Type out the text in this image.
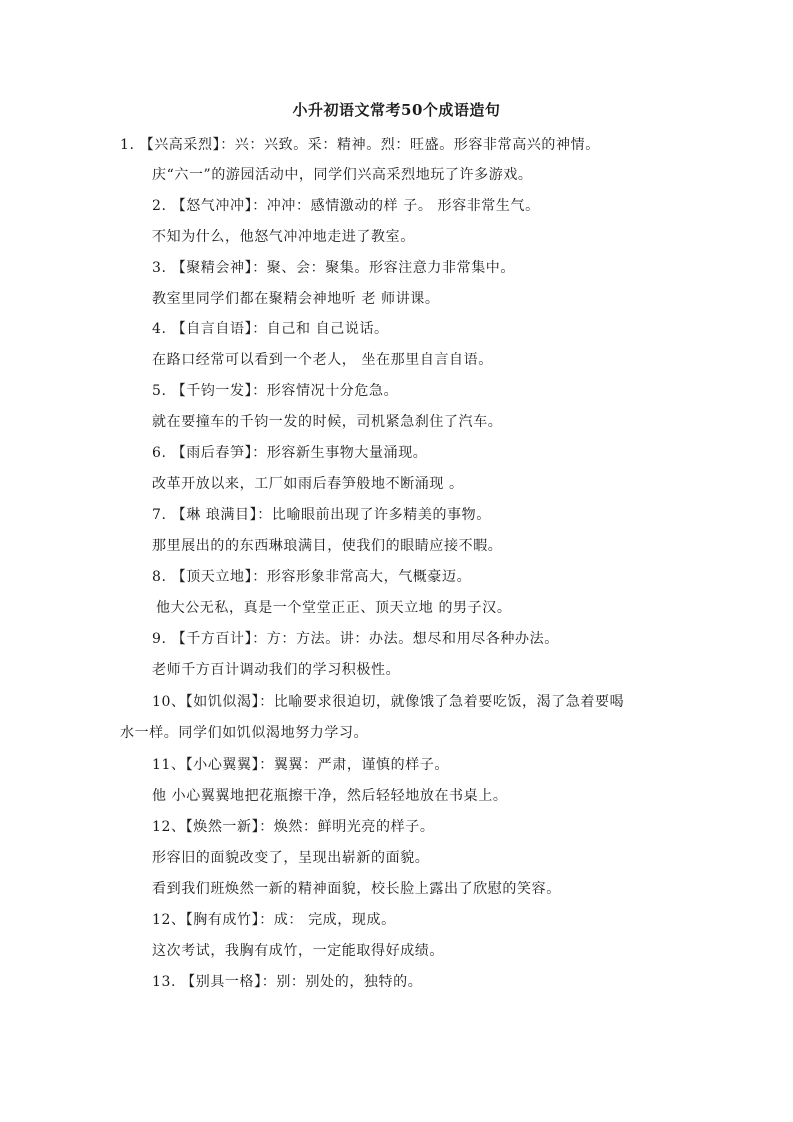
小升初语文常考50个成语造句
1. 【兴高采烈】：兴：兴致。采：精神。烈：旺盛。形容非常高兴的神情。
庆“六一”的游园活动中，同学们兴高采烈地玩了许多游戏。
2. 【怒气冲冲】：冲冲：感情激动的样 子。 形容非常生气。
不知为什么，他怒气冲冲地走进了教室。
3. 【聚精会神】：聚、会：聚集。形容注意力非常集中。
教室里同学们都在聚精会神地听 老 师讲课。
4. 【自言自语】：自己和 自己说话。
在路口经常可以看到一个老人， 坐在那里自言自语。
5. 【千钧一发】：形容情况十分危急。
就在要撞车的千钧一发的时候，司机紧急刹住了汽车。
6. 【雨后春笋】：形容新生事物大量涌现。
改革开放以来，工厂如雨后春笋般地不断涌现 。
7. 【琳 琅满目】：比喻眼前出现了许多精美的事物。
那里展出的的东西琳琅满目，使我们的眼睛应接不暇。
8. 【顶天立地】：形容形象非常高大，气概豪迈。
他大公无私，真是一个堂堂正正、顶天立地 的男子汉。
9. 【千方百计】：方：方法。讲：办法。想尽和用尽各种办法。
老师千方百计调动我们的学习积极性。
10、【如饥似渴】：比喻要求很迫切，就像饿了急着要吃饭，渴了急着要喝
水一样。同学们如饥似渴地努力学习。
11、【小心翼翼】：翼翼：严肃，谨慎的样子。
他 小心翼翼地把花瓶擦干净，然后轻轻地放在书桌上。
12、【焕然一新】：焕然：鲜明光亮的样子。
形容旧的面貌改变了，呈现出崭新的面貌。
看到我们班焕然一新的精神面貌，校长脸上露出了欣慰的笑容。
12、【胸有成竹】：成： 完成，现成。
这次考试，我胸有成竹，一定能取得好成绩。
13. 【别具一格】：别：别处的，独特的。
